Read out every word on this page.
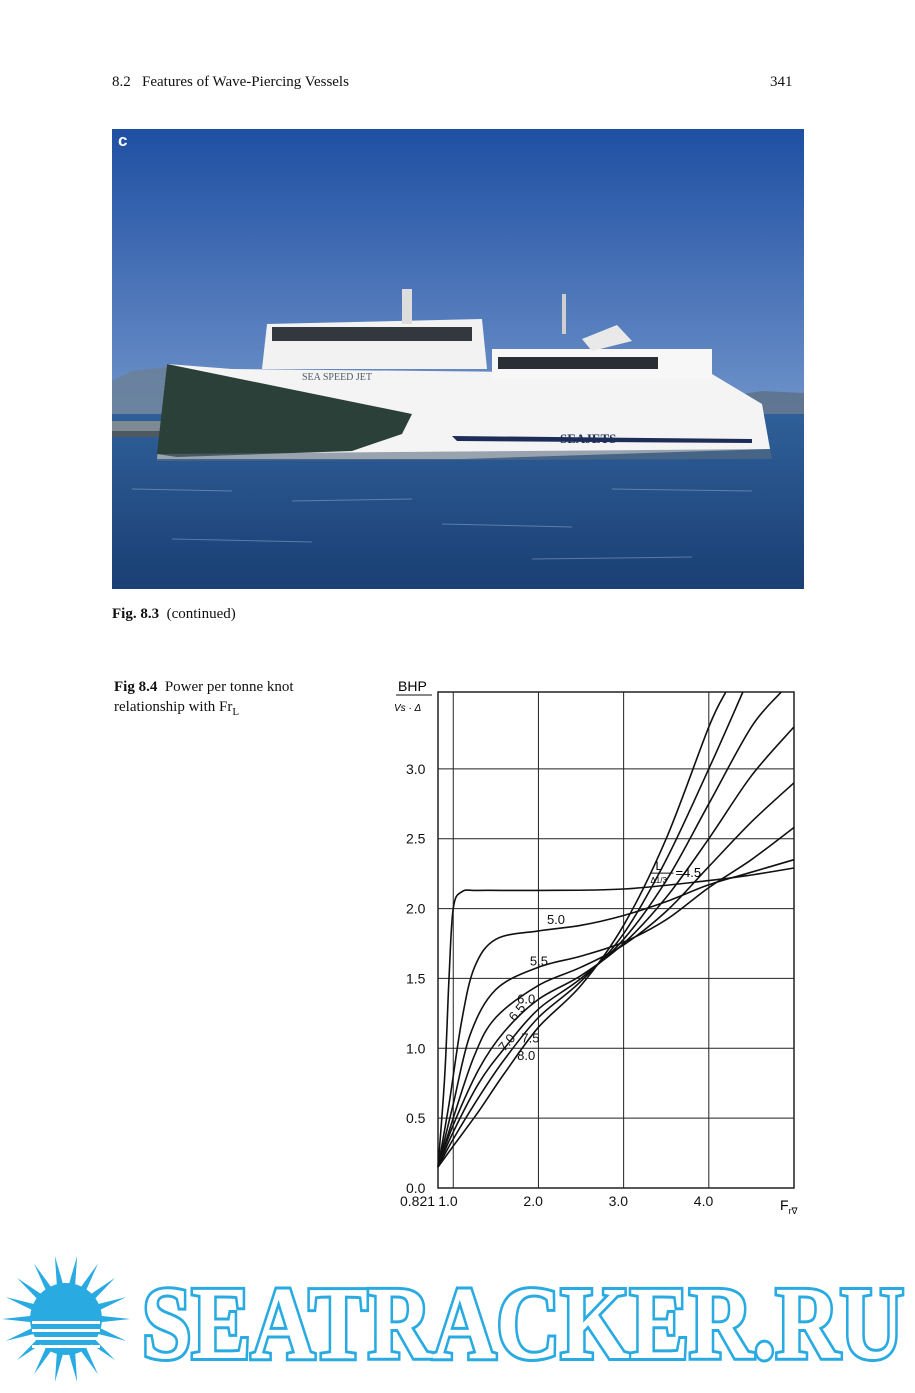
8.2   Features of Wave-Piercing Vessels	341
SEA SPEED JET
SEAJETS
c
Fig. 8.3 (continued)
Fig 8.4 Power per tonne knot relationship with $Fr_L$
BHP
Vs · Δ
L
Δ1/3
=4.5
5.0
5.5
6.0
6.5
7.0 7.5
8.0
0.821 1.0	2.0	3.0	4.0
0.0
0.5
1.0
1.5
2.0
2.5
3.0
$F_{r\nabla}$
SEATRACKER.RU
